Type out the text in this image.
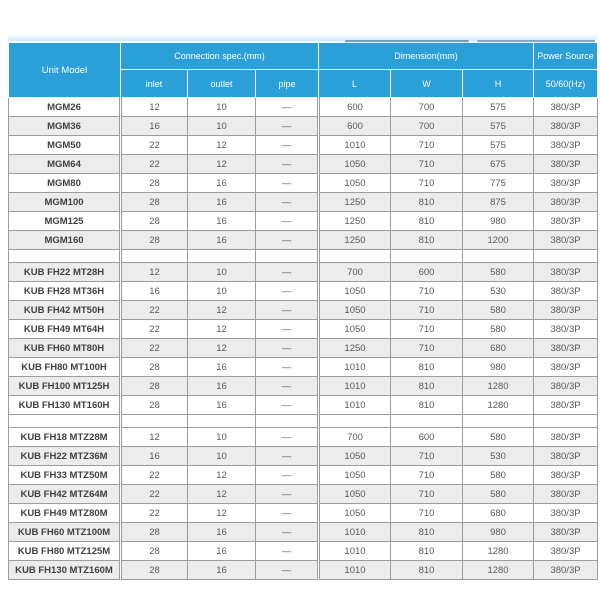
Unit Model	Connection spec.(mm)			Dimension(mm)			Power Source
	inlet	outlet	pipe	L	W	H	50/60(Hz)
MGM26	12	10	—	600	700	575	380/3P
MGM36	16	10	—	600	700	575	380/3P
MGM50	22	12	—	1010	710	575	380/3P
MGM64	22	12	—	1050	710	675	380/3P
MGM80	28	16	—	1050	710	775	380/3P
MGM100	28	16	—	1250	810	875	380/3P
MGM125	28	16	—	1250	810	980	380/3P
MGM160	28	16	—	1250	810	1200	380/3P

KUB FH22 MT28H	12	10	—	700	600	580	380/3P
KUB FH28 MT36H	16	10	—	1050	710	530	380/3P
KUB FH42 MT50H	22	12	—	1050	710	580	380/3P
KUB FH49 MT64H	22	12	—	1050	710	580	380/3P
KUB FH60 MT80H	22	12	—	1250	710	680	380/3P
KUB FH80 MT100H	28	16	—	1010	810	980	380/3P
KUB FH100 MT125H	28	16	—	1010	810	1280	380/3P
KUB FH130 MT160H	28	16	—	1010	810	1280	380/3P

KUB FH18 MTZ28M	12	10	—	700	600	580	380/3P
KUB FH22 MTZ36M	16	10	—	1050	710	530	380/3P
KUB FH33 MTZ50M	22	12	—	1050	710	580	380/3P
KUB FH42 MTZ64M	22	12	—	1050	710	580	380/3P
KUB FH49 MTZ80M	22	12	—	1050	710	680	380/3P
KUB FH60 MTZ100M	28	16	—	1010	810	980	380/3P
KUB FH80 MTZ125M	28	16	—	1010	810	1280	380/3P
KUB FH130 MTZ160M	28	16	—	1010	810	1280	380/3P
